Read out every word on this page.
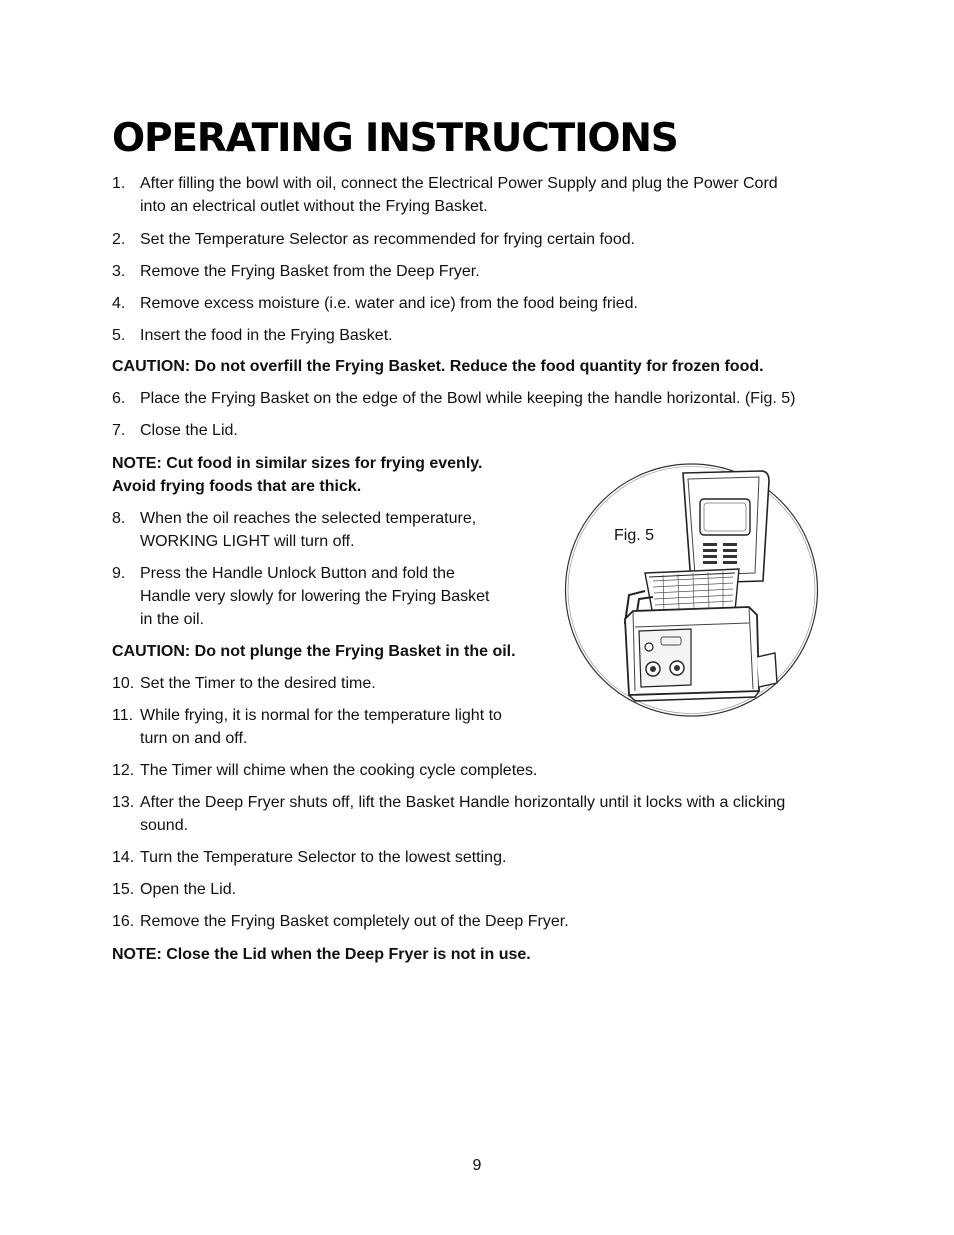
OPERATING INSTRUCTIONS
1. After filling the bowl with oil, connect the Electrical Power Supply and plug the Power Cord
into an electrical outlet without the Frying Basket.
2. Set the Temperature Selector as recommended for frying certain food.
3. Remove the Frying Basket from the Deep Fryer.
4. Remove excess moisture (i.e. water and ice) from the food being fried.
5. Insert the food in the Frying Basket.

CAUTION: Do not overfill the Frying Basket. Reduce the food quantity for frozen food.

6. Place the Frying Basket on the edge of the Bowl while keeping the handle horizontal. (Fig. 5)
7. Close the Lid.

NOTE: Cut food in similar sizes for frying evenly.
Avoid frying foods that are thick.

8. When the oil reaches the selected temperature,
WORKING LIGHT will turn off.
9. Press the Handle Unlock Button and fold the
Handle very slowly for lowering the Frying Basket
in the oil.

CAUTION: Do not plunge the Frying Basket in the oil.

10. Set the Timer to the desired time.
11. While frying, it is normal for the temperature light to
turn on and off.
12. The Timer will chime when the cooking cycle completes.
13. After the Deep Fryer shuts off, lift the Basket Handle horizontally until it locks with a clicking
sound.
14. Turn the Temperature Selector to the lowest setting.
15. Open the Lid.
16. Remove the Frying Basket completely out of the Deep Fryer.

NOTE: Close the Lid when the Deep Fryer is not in use.

Fig. 5
9
